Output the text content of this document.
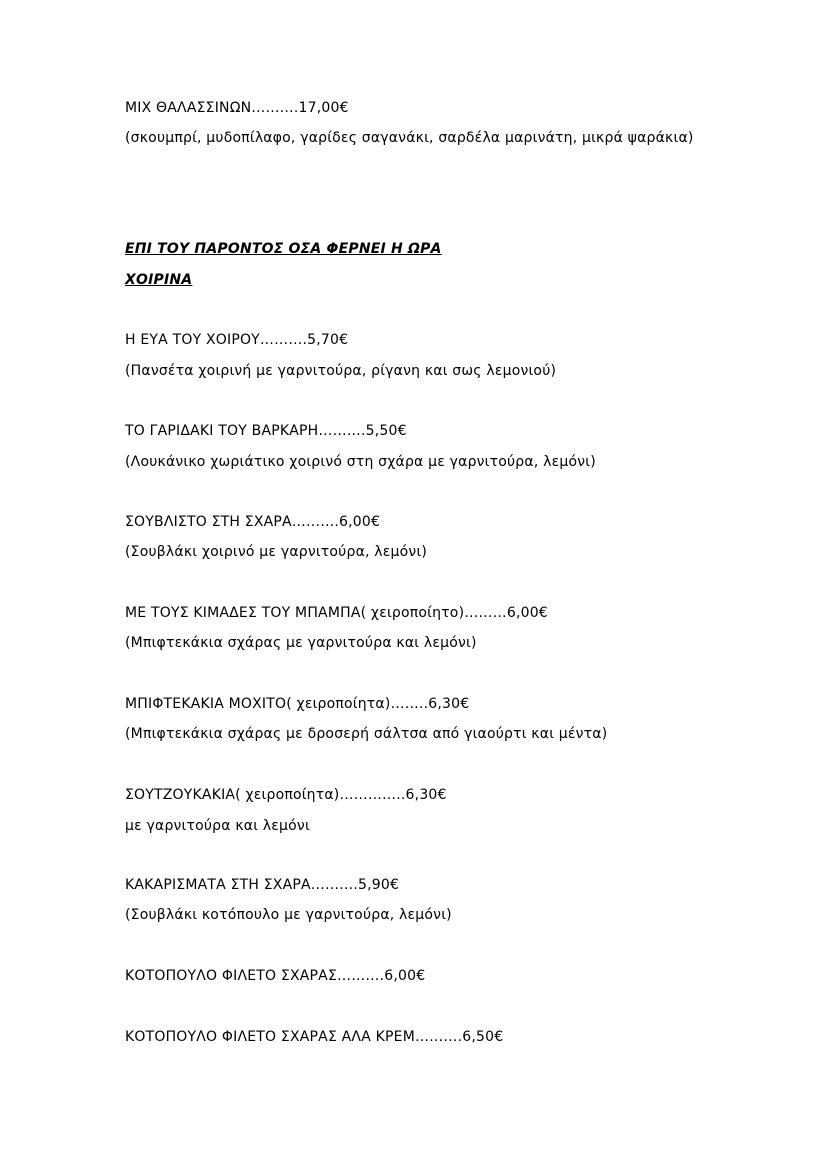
ΜΙΧ ΘΑΛΑΣΣΙΝΩΝ……….17,00€
(σκουμπρί, μυδοπίλαφο, γαρίδες σαγανάκι, σαρδέλα μαρινάτη, μικρά ψαράκια)
ΕΠΙ ΤΟΥ ΠΑΡΟΝΤΟΣ ΟΣΑ ΦΕΡΝΕΙ Η ΩΡΑ
ΧΟΙΡΙΝΑ
Η ΕΥΑ ΤΟΥ ΧΟΙΡΟΥ……….5,70€
(Πανσέτα χοιρινή με γαρνιτούρα, ρίγανη και σως λεμονιού)
ΤΟ ΓΑΡΙΔΑΚΙ ΤΟΥ ΒΑΡΚΑΡΗ……….5,50€
(Λουκάνικο χωριάτικο χοιρινό στη σχάρα με γαρνιτούρα, λεμόνι)
ΣΟΥΒΛΙΣΤΟ ΣΤΗ ΣΧΑΡΑ……….6,00€
(Σουβλάκι χοιρινό με γαρνιτούρα, λεμόνι)
ΜΕ ΤΟΥΣ ΚΙΜΑΔΕΣ ΤΟΥ ΜΠΑΜΠΑ( χειροποίητο)………6,00€
(Μπιφτεκάκια σχάρας με γαρνιτούρα και λεμόνι)
ΜΠΙΦΤΕΚΑΚΙΑ ΜΟΧΙΤΟ( χειροποίητα)……..6,30€
(Μπιφτεκάκια σχάρας με δροσερή σάλτσα από γιαούρτι και μέντα)
ΣΟΥΤΖΟΥΚΑΚΙΑ( χειροποίητα)…………..6,30€
με γαρνιτούρα και λεμόνι
ΚΑΚΑΡΙΣΜΑΤΑ ΣΤΗ ΣΧΑΡΑ……….5,90€
(Σουβλάκι κοτόπουλο με γαρνιτούρα, λεμόνι)
ΚΟΤΟΠΟΥΛΟ ΦΙΛΕΤΟ ΣΧΑΡΑΣ……….6,00€
ΚΟΤΟΠΟΥΛΟ ΦΙΛΕΤΟ ΣΧΑΡΑΣ ΑΛΑ ΚΡΕΜ……….6,50€
